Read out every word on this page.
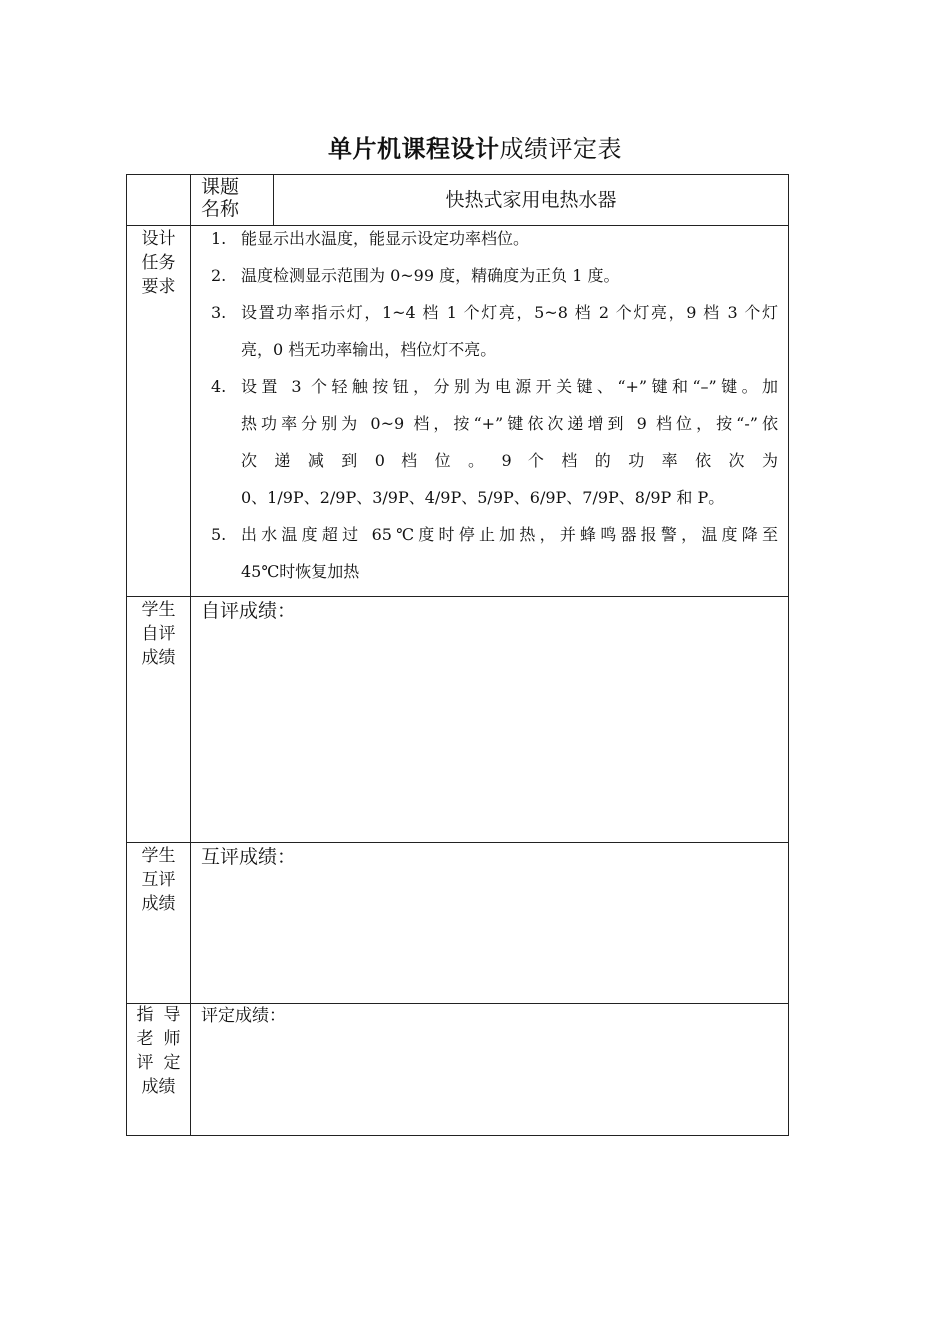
单片机课程设计成绩评定表
课题
名称	快热式家用电热水器
设计
任务
要求
1. 能显示出水温度，能显示设定功率档位。
2. 温度检测显示范围为 0~99 度，精确度为正负 1 度。
3. 设置功率指示灯，1~4 档 1 个灯亮，5~8 档 2 个灯亮，9 档 3 个灯
亮，0 档无功率输出，档位灯不亮。
4. 设置 3 个轻触按钮，分别为电源开关键、“+”键和“–”键。加
热功率分别为 0~9 档，按“+”键依次递增到 9 档位，按“-”依
次 递 减 到 0 档 位 。 9 个 档 的 功 率 依 次 为
0、1/9P、2/9P、3/9P、4/9P、5/9P、6/9P、7/9P、8/9P 和 P。
5. 出水温度超过 65℃度时停止加热，并蜂鸣器报警，温度降至
45℃时恢复加热
学生
自评
成绩
自评成绩：
学生
互评
成绩
互评成绩：
指 导
老 师
评 定
成绩
评定成绩：
